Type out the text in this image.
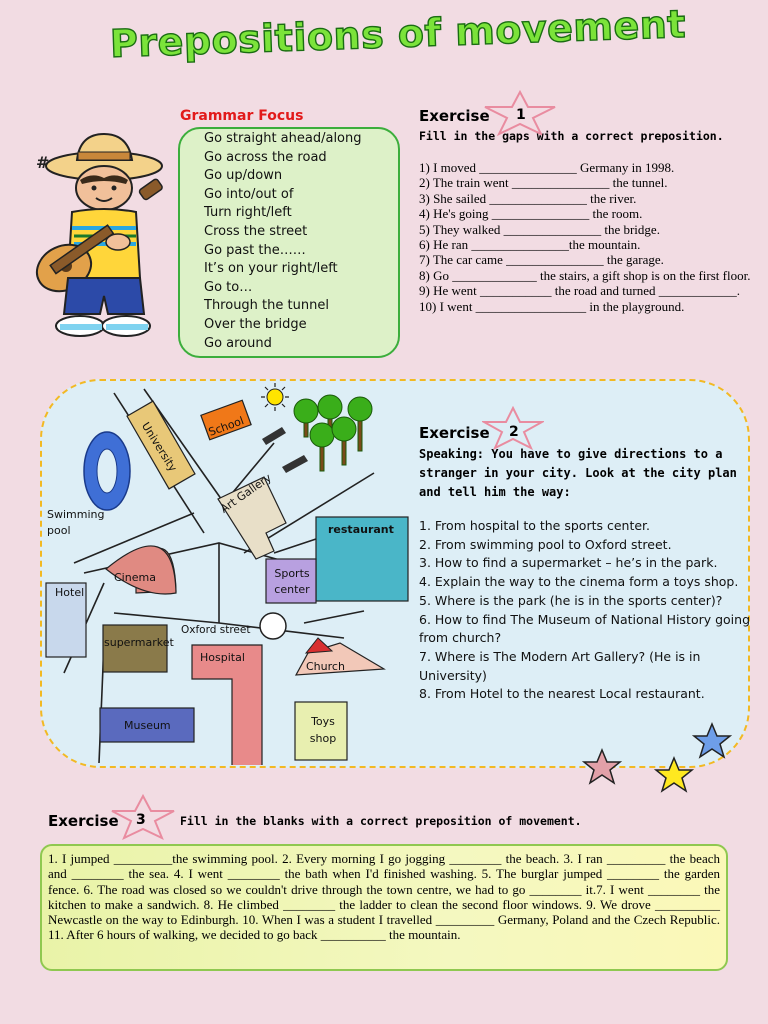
Prepositions of movement
#
Grammar Focus
Go straight ahead/along
Go across the road
Go up/down
Go into/out of
Turn right/left
Cross the street
Go past the……
It’s on your right/left
Go to…
Through the tunnel
Over the bridge
Go around
Exercise 1
Fill in the gaps with a correct preposition.
1) I moved _______________ Germany in 1998.
2) The train went _______________ the tunnel.
3) She sailed _______________ the river.
4) He's going _______________ the room.
5) They walked _______________ the bridge.
6) He ran _______________the mountain.
7) The car came _______________ the garage.
8) Go _____________ the stairs, a gift shop is on the first floor.
9) He went ___________ the road and turned ____________.
10) I went _________________ in the playground.
University School
Swimming pool
Art Gallery
restaurant
Cinema
Hotel
Sports center
Oxford street
supermarket
Hospital
Church
Museum	Toys shop
Exercise 2
Speaking: You have to give directions to a stranger in your city. Look at the city plan and tell him the way:
1. From hospital to the sports center.
2. From swimming pool to Oxford street.
3. How to find a supermarket – he’s in the park.
4. Explain the way to the cinema form a toys shop.
5. Where is the park (he is in the sports center)?
6. How to find The Museum of National History going from church?
7. Where is The Modern Art Gallery? (He is in University)
8. From Hotel to the nearest Local restaurant.
Exercise 3	Fill in the blanks with a correct preposition of movement.
1. I jumped _________the swimming pool. 2. Every morning I go jogging ________ the beach. 3. I ran _________ the beach and ________ the sea. 4. I went ________ the bath when I'd finished washing. 5. The burglar jumped ________ the garden fence. 6. The road was closed so we couldn't drive through the town centre, we had to go ________ it.7. I went ________ the kitchen to make a sandwich. 8. He climbed ________ the ladder to clean the second floor windows. 9. We drove __________ Newcastle on the way to Edinburgh. 10. When I was a student I travelled _________ Germany, Poland and the Czech Republic. 11. After 6 hours of walking, we decided to go back __________ the mountain.
